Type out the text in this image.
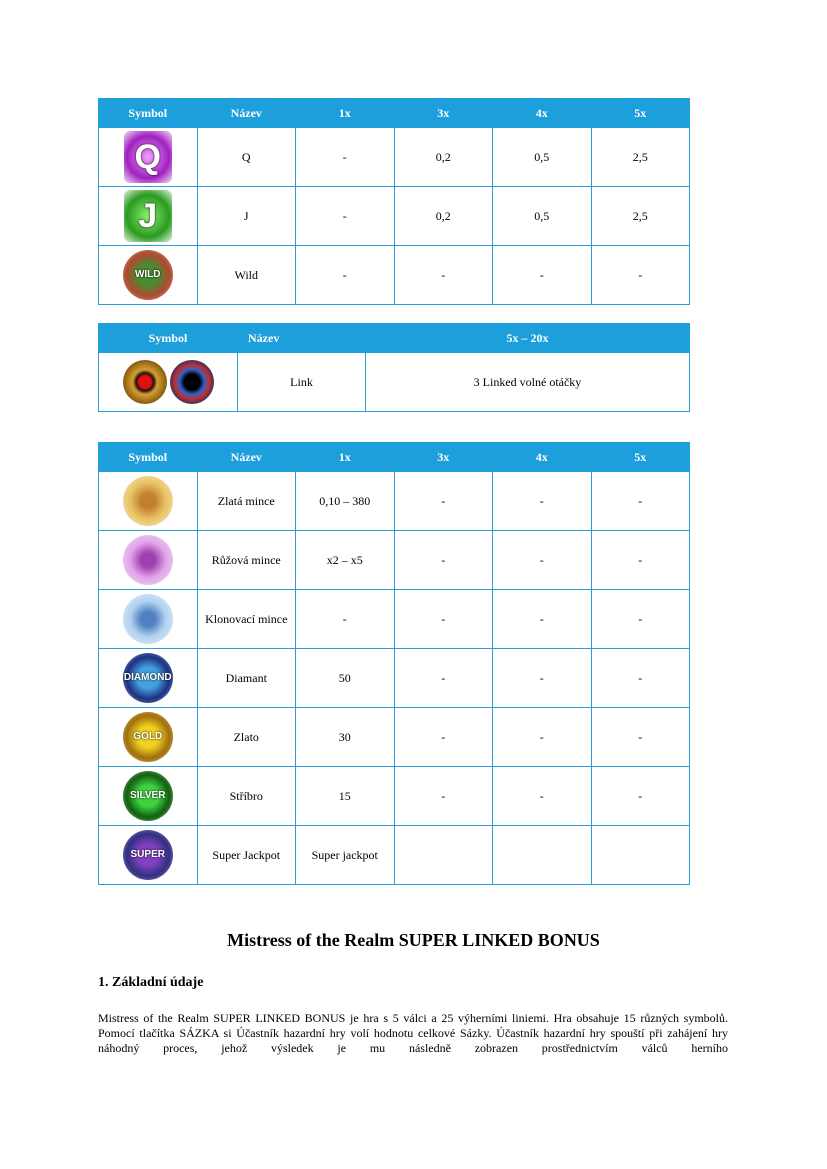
Symbol	Název	1x	3x	4x	5x
Q	Q	-	0,2	0,5	2,5
J	J	-	0,2	0,5	2,5
WILD	Wild	-	-	-	-
Symbol	Název	5x – 20x
	Link	3 Linked volné otáčky
Symbol	Název	1x	3x	4x	5x
	Zlatá mince	0,10 – 380	-	-	-
	Růžová mince	x2 – x5	-	-	-
	Klonovací mince	-	-	-	-
DIAMOND	Diamant	50	-	-	-
GOLD	Zlato	30	-	-	-
SILVER	Stříbro	15	-	-	-
SUPER	Super Jackpot	Super jackpot			
Mistress of the Realm SUPER LINKED BONUS
1. Základní údaje

Mistress of the Realm SUPER LINKED BONUS je hra s 5 válci a 25 výherními liniemi. Hra obsahuje 15 různých symbolů. Pomocí tlačítka SÁZKA si Účastník hazardní hry volí hodnotu celkové Sázky. Účastník hazardní hry spouští při zahájení hry náhodný proces, jehož výsledek je mu následně zobrazen prostřednictvím válců herního
